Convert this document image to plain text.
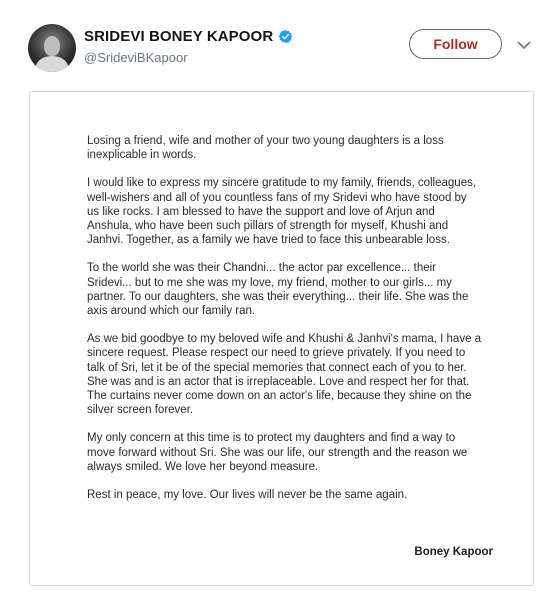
SRIDEVI BONEY KAPOOR
@SrideviBKapoor
Follow

Losing a friend, wife and mother of your two young daughters is a loss inexplicable in words.

I would like to express my sincere gratitude to my family, friends, colleagues, well-wishers and all of you countless fans of my Sridevi who have stood by us like rocks. I am blessed to have the support and love of Arjun and Anshula, who have been such pillars of strength for myself, Khushi and Janhvi. Together, as a family we have tried to face this unbearable loss.

To the world she was their Chandni... the actor par excellence... their Sridevi... but to me she was my love, my friend, mother to our girls... my partner. To our daughters, she was their everything... their life. She was the axis around which our family ran.

As we bid goodbye to my beloved wife and Khushi & Janhvi's mama, I have a sincere request. Please respect our need to grieve privately. If you need to talk of Sri, let it be of the special memories that connect each of you to her. She was and is an actor that is irreplaceable. Love and respect her for that. The curtains never come down on an actor's life, because they shine on the silver screen forever.

My only concern at this time is to protect my daughters and find a way to move forward without Sri. She was our life, our strength and the reason we always smiled. We love her beyond measure.

Rest in peace, my love. Our lives will never be the same again.

Boney Kapoor
